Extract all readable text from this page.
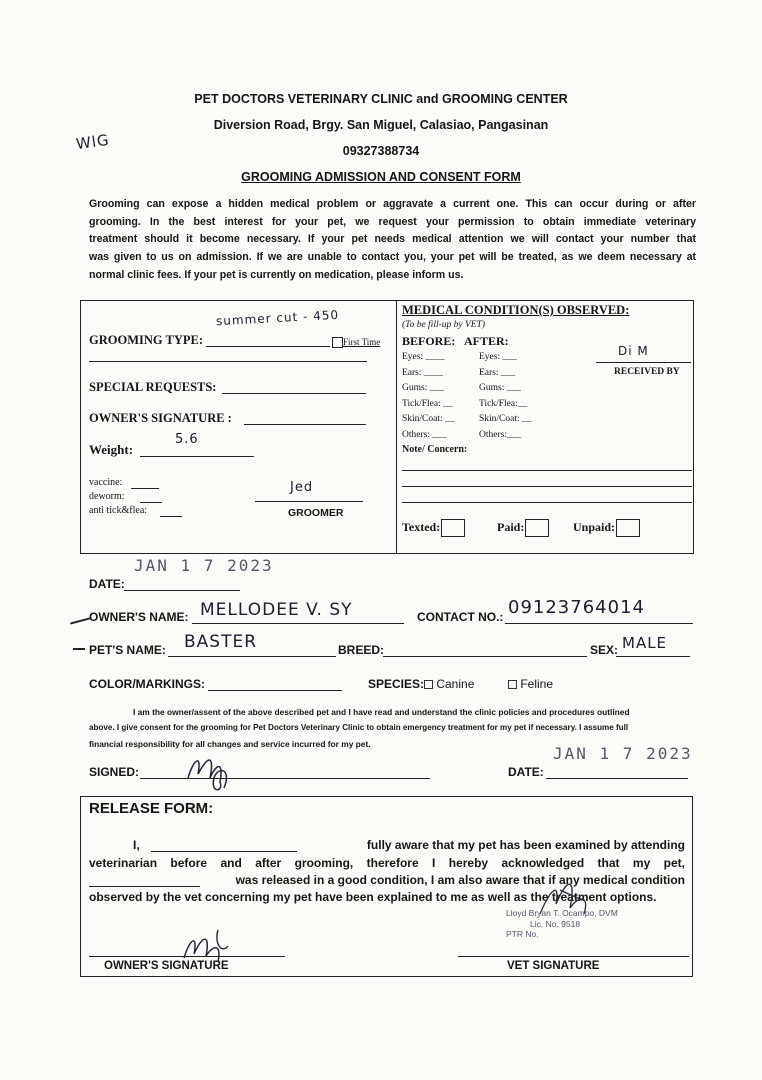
WlG
PET DOCTORS VETERINARY CLINIC and GROOMING CENTER
Diversion Road, Brgy. San Miguel, Calasiao, Pangasinan
09327388734
GROOMING ADMISSION AND CONSENT FORM
Grooming can expose a hidden medical problem or aggravate a current one. This can occur during or after
grooming. In the best interest for your pet, we request your permission to obtain immediate veterinary
treatment should it become necessary. If your pet needs medical attention we will contact your number that
was given to us on admission. If we are unable to contact you, your pet will be treated, as we deem necessary at
normal clinic fees. If your pet is currently on medication, please inform us.
summer cut - 450
GROOMING TYPE:	First Time
SPECIAL REQUESTS:
OWNER'S SIGNATURE :
5.6
Weight:
vaccine:
deworm:
anti tick&flea:
Jed
GROOMER
MEDICAL CONDITION(S) OBSERVED:
(To be fill-up by VET)
BEFORE: AFTER:
Eyes: ____
Ears: ____
Gums: ___
Tick/Flea: __
Skin/Coat: __
Others: ___
Eyes: ___
Ears: ___
Gums: ___
Tick/Flea:__
Skin/Coat: __
Others:___
Di M
RECEIVED BY
Note/ Concern:
Texted:	Paid:	Unpaid:
JAN 1 7 2023
DATE:
OWNER'S NAME: MELLODEE V. SY	CONTACT NO.: 09123764014
PET'S NAME: BASTER	BREED:	SEX: MALE
COLOR/MARKINGS:	SPECIES:	Canine	Feline
I am the owner/assent of the above described pet and I have read and understand the clinic policies and procedures outlined
above. I give consent for the grooming for Pet Doctors Veterinary Clinic to obtain emergency treatment for my pet if necessary. I assume full
financial responsibility for all changes and service incurred for my pet.	JAN 1 7 2023
SIGNED:	DATE:
RELEASE FORM:
I,	fully aware that my pet has been examined by attending
veterinarian before and after grooming, therefore I hereby acknowledged that my pet,
was released in a good condition, I am also aware that if any medical condition
observed by the vet concerning my pet have been explained to me as well as the treatment options.
Lloyd Bryan T. Ocampo, DVM
Lic. No. 9518
PTR No.
OWNER'S SIGNATURE	VET SIGNATURE
